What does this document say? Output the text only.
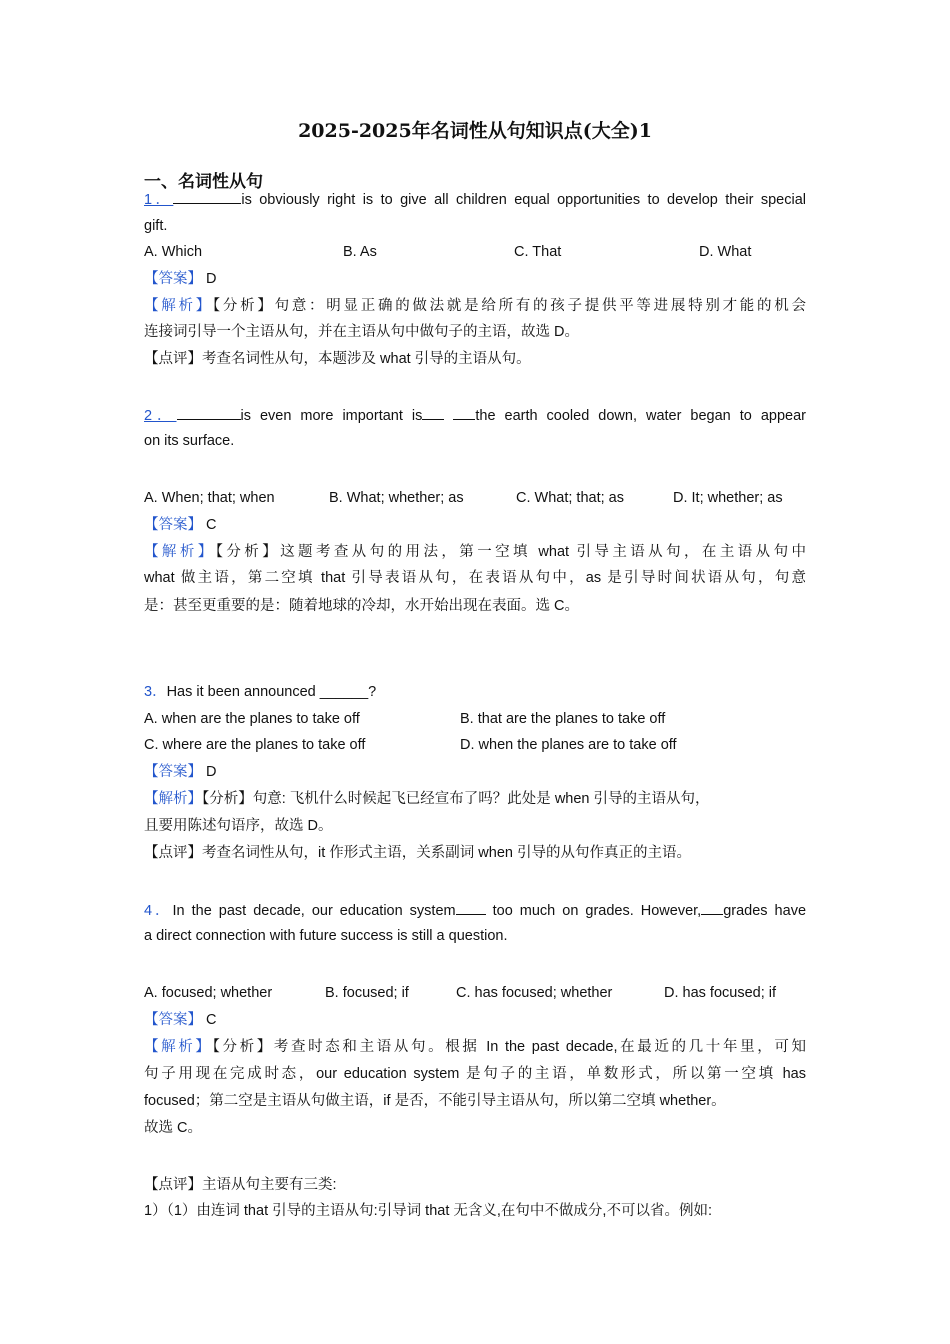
2025-2025年名词性从句知识点(大全)1
一、名词性从句
1．	is obviously right is to give all children equal opportunities to develop their special
gift.
A. Which	B. As	C. That	D. What
【答案】 D
【解析】【分析】句意：明显正确的做法就是给所有的孩子提供平等进展特别才能的机会
连接词引导一个主语从句，并在主语从句中做句子的主语，故选 D。
【点评】考查名词性从句，本题涉及 what 引导的主语从句。
2．	is even more important is	the earth cooled down, water began to appear
on its surface.
A. When; that; when	B. What; whether; as	C. What; that; as	D. It; whether; as
【答案】 C
【解析】【分析】这题考查从句的用法，第一空填 what 引导主语从句，在主语从句中
what 做主语，第二空填 that 引导表语从句，在表语从句中，as 是引导时间状语从句，句意
是：甚至更重要的是：随着地球的冷却，水开始出现在表面。选 C。
3．Has it been announced ______?
A. when are the planes to take off	B. that are the planes to take off
C. where are the planes to take off	D. when the planes are to take off
【答案】 D
【解析】【分析】句意: 飞机什么时候起飞已经宣布了吗？此处是 when 引导的主语从句，
且要用陈述句语序，故选 D。
【点评】考查名词性从句，it 作形式主语，关系副词 when 引导的从句作真正的主语。
4．In the past decade, our education system	too much on grades. However, grades have
a direct connection with future success is still a question.
A. focused; whether	B. focused; if	C. has focused; whether	D. has focused; if
【答案】 C
【解析】【分析】考查时态和主语从句。根据 In the past decade,在最近的几十年里，可知
句子用现在完成时态，our education system 是句子的主语，单数形式，所以第一空填 has
focused；第二空是主语从句做主语，if 是否，不能引导主语从句，所以第二空填 whether。
故选 C。
【点评】主语从句主要有三类:
1）（1）由连词 that 引导的主语从句:引导词 that 无含义,在句中不做成分,不可以省。例如:
